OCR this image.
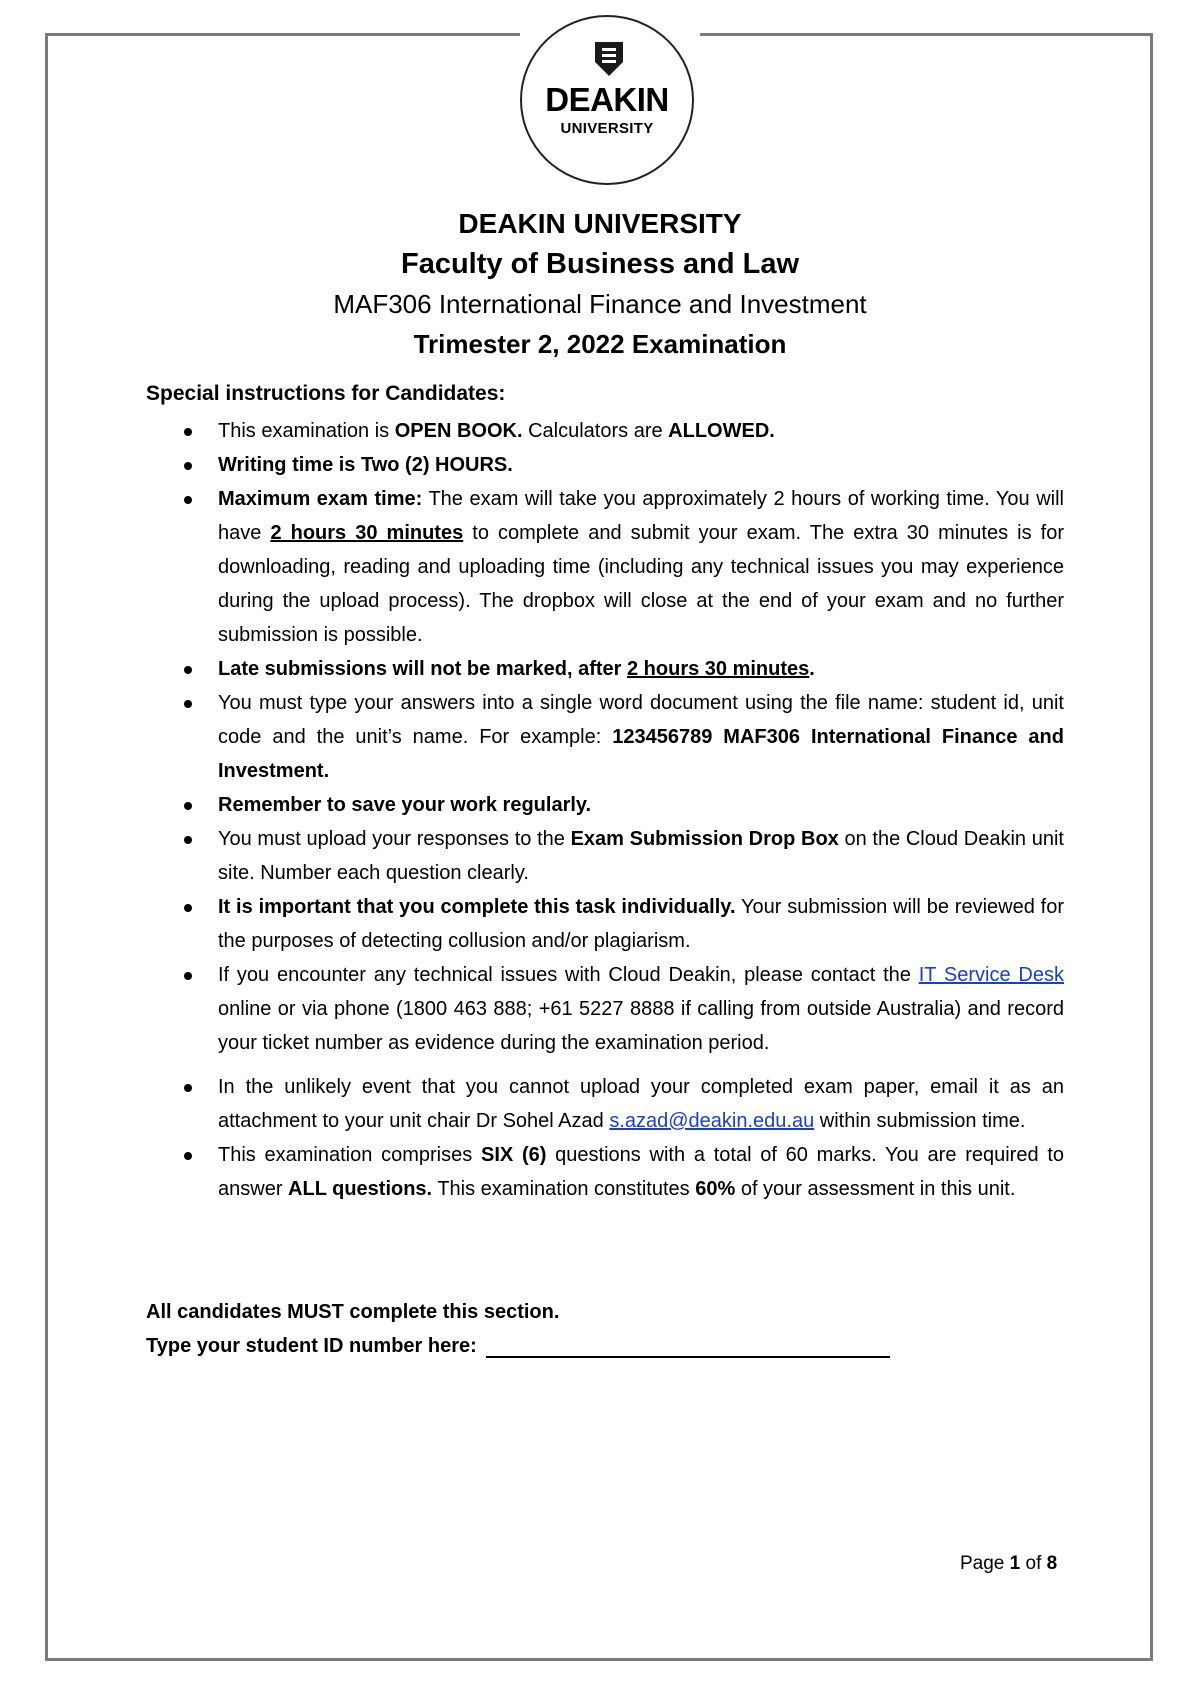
DEAKIN
UNIVERSITY
DEAKIN UNIVERSITY
Faculty of Business and Law
MAF306 International Finance and Investment
Trimester 2, 2022 Examination
Special instructions for Candidates:
This examination is OPEN BOOK. Calculators are ALLOWED.
Writing time is Two (2) HOURS.
Maximum exam time: The exam will take you approximately 2 hours of working time. You will have 2 hours 30 minutes to complete and submit your exam. The extra 30 minutes is for downloading, reading and uploading time (including any technical issues you may experience during the upload process). The dropbox will close at the end of your exam and no further submission is possible.
Late submissions will not be marked, after 2 hours 30 minutes.
You must type your answers into a single word document using the file name: student id, unit code and the unit’s name. For example: 123456789 MAF306 International Finance and Investment.
Remember to save your work regularly.
You must upload your responses to the Exam Submission Drop Box on the Cloud Deakin unit site. Number each question clearly.
It is important that you complete this task individually. Your submission will be reviewed for the purposes of detecting collusion and/or plagiarism.
If you encounter any technical issues with Cloud Deakin, please contact the IT Service Desk online or via phone (1800 463 888; +61 5227 8888 if calling from outside Australia) and record your ticket number as evidence during the examination period.
In the unlikely event that you cannot upload your completed exam paper, email it as an attachment to your unit chair Dr Sohel Azad s.azad@deakin.edu.au within submission time.
This examination comprises SIX (6) questions with a total of 60 marks. You are required to answer ALL questions. This examination constitutes 60% of your assessment in this unit.
All candidates MUST complete this section.
Type your student ID number here:
Page 1 of 8
